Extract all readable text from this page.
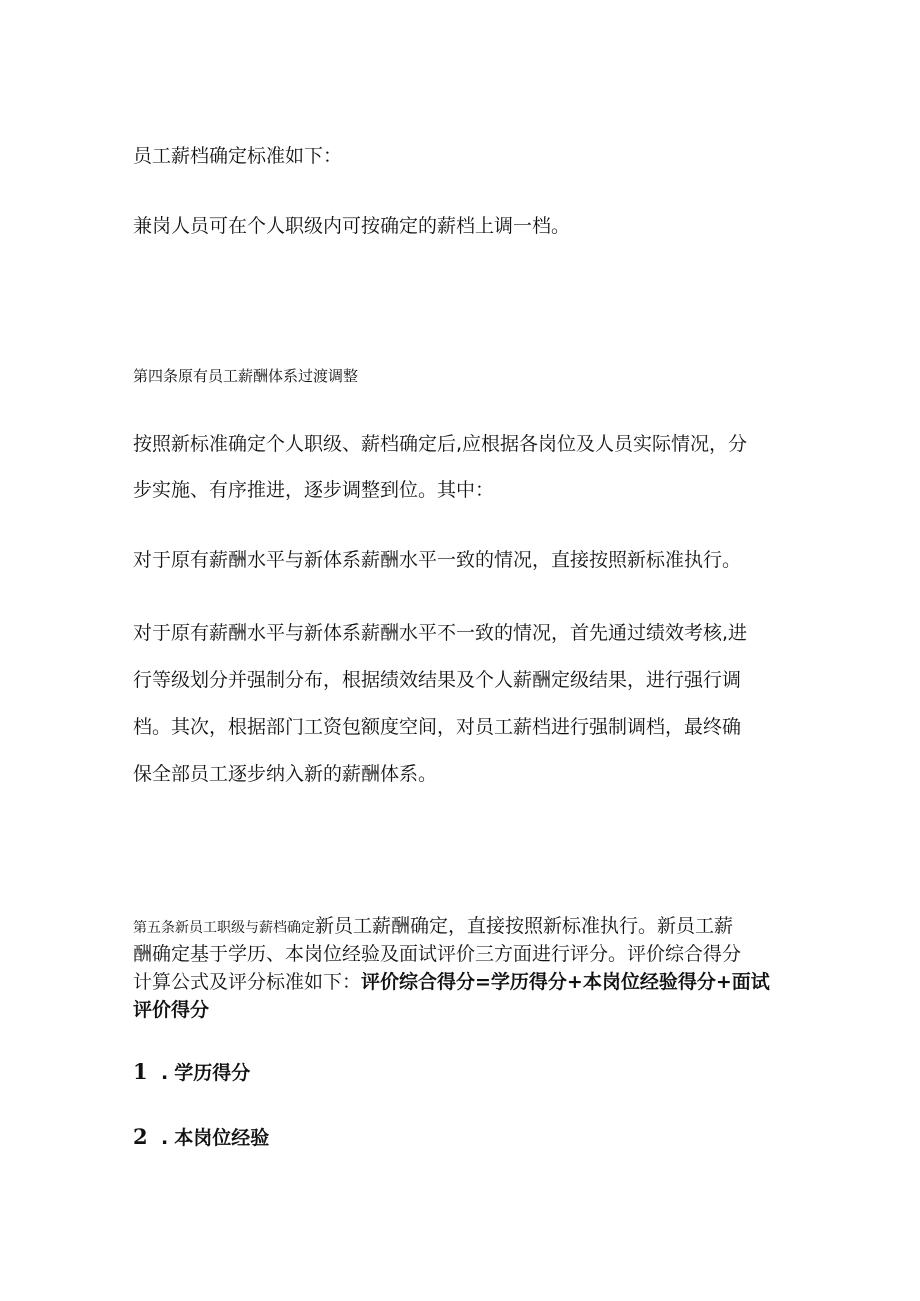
员工薪档确定标准如下：
兼岗人员可在个人职级内可按确定的薪档上调一档。
第四条原有员工薪酬体系过渡调整
按照新标准确定个人职级、薪档确定后,应根据各岗位及人员实际情况，分
步实施、有序推进，逐步调整到位。其中：
对于原有薪酬水平与新体系薪酬水平一致的情况，直接按照新标准执行。
对于原有薪酬水平与新体系薪酬水平不一致的情况，首先通过绩效考核,进
行等级划分并强制分布，根据绩效结果及个人薪酬定级结果，进行强行调
档。其次，根据部门工资包额度空间，对员工薪档进行强制调档，最终确
保全部员工逐步纳入新的薪酬体系。
第五条新员工职级与薪档确定新员工薪酬确定，直接按照新标准执行。新员工薪
酬确定基于学历、本岗位经验及面试评价三方面进行评分。评价综合得分
计算公式及评分标准如下：评价综合得分=学历得分+本岗位经验得分+面试
评价得分
1 . 学历得分
2 . 本岗位经验
